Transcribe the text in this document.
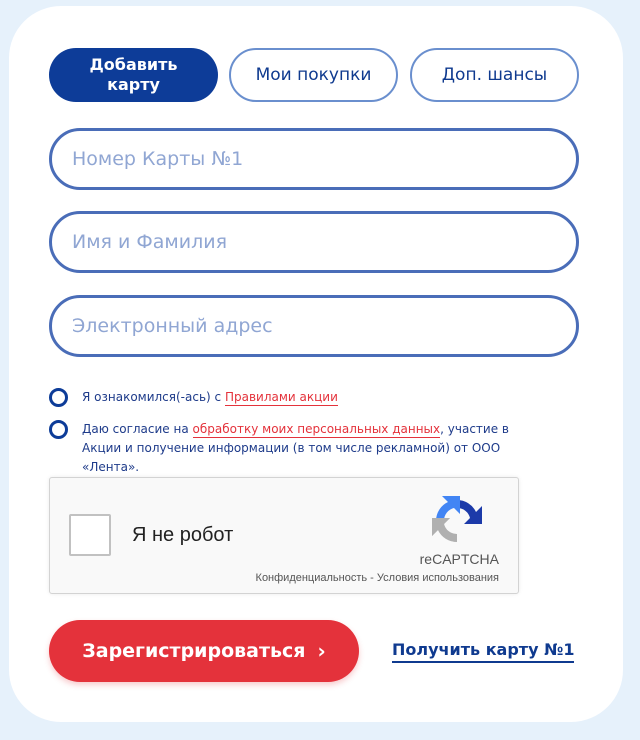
Добавить карту	Мои покупки	Доп. шансы
Номер Карты №1
Имя и Фамилия
Электронный адрес
Я ознакомился(-ась) с Правилами акции
Даю согласие на обработку моих персональных данных, участие в Акции и получение информации (в том числе рекламной) от ООО «Лента».
Я не робот
reCAPTCHA
Конфиденциальность - Условия использования
Зарегистрироваться ›	Получить карту №1
